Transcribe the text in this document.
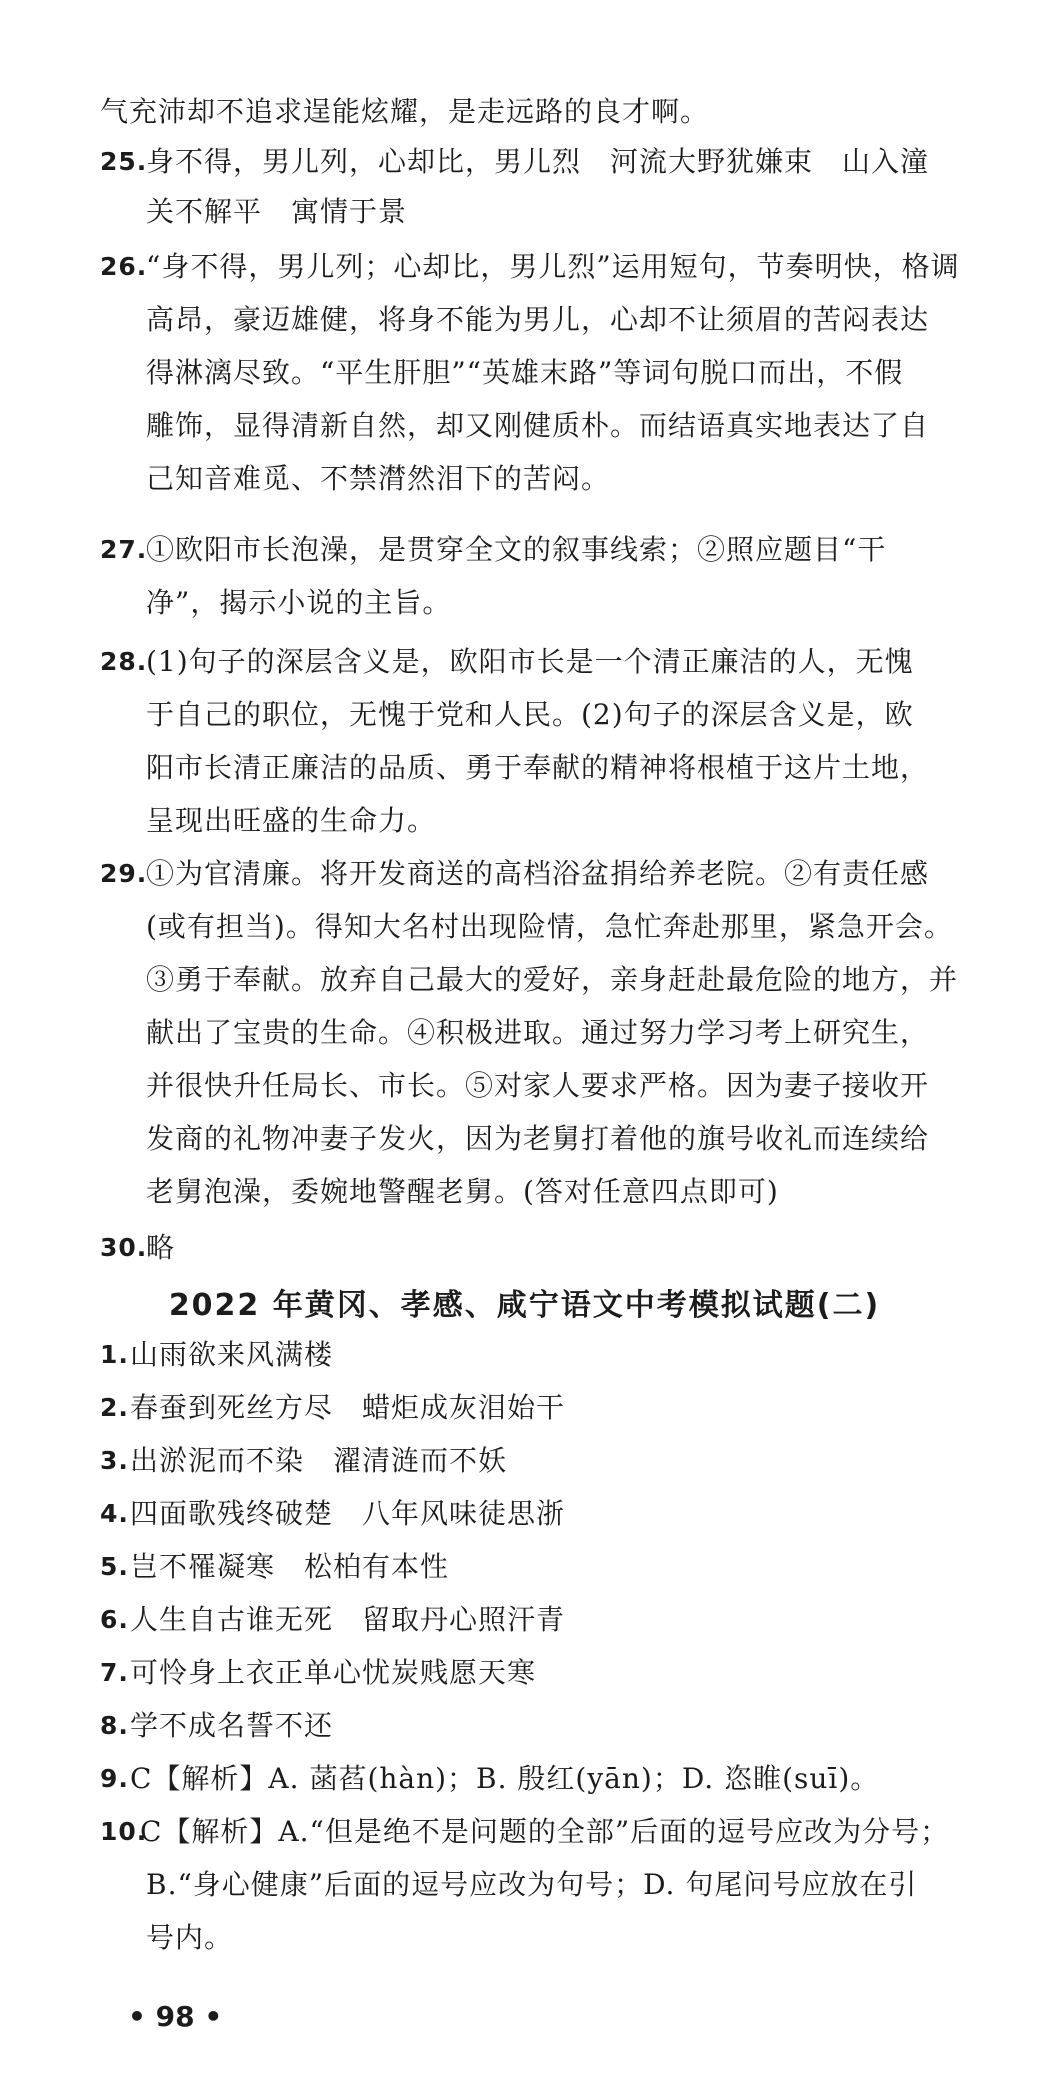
气充沛却不追求逞能炫耀，是走远路的良才啊。
25.
身不得，男儿列，心却比，男儿烈　河流大野犹嫌束　山入潼
关不解平　寓情于景
26.
“身不得，男儿列；心却比，男儿烈”运用短句，节奏明快，格调
高昂，豪迈雄健，将身不能为男儿，心却不让须眉的苦闷表达
得淋漓尽致。“平生肝胆”“英雄末路”等词句脱口而出，不假
雕饰，显得清新自然，却又刚健质朴。而结语真实地表达了自
己知音难觅、不禁潸然泪下的苦闷。
27.
①欧阳市长泡澡，是贯穿全文的叙事线索；②照应题目“干
净”，揭示小说的主旨。
28.
(1)句子的深层含义是，欧阳市长是一个清正廉洁的人，无愧
于自己的职位，无愧于党和人民。(2)句子的深层含义是，欧
阳市长清正廉洁的品质、勇于奉献的精神将根植于这片土地，
呈现出旺盛的生命力。
29.
①为官清廉。将开发商送的高档浴盆捐给养老院。②有责任感
(或有担当)。得知大名村出现险情，急忙奔赴那里，紧急开会。
③勇于奉献。放弃自己最大的爱好，亲身赶赴最危险的地方，并
献出了宝贵的生命。④积极进取。通过努力学习考上研究生，
并很快升任局长、市长。⑤对家人要求严格。因为妻子接收开
发商的礼物冲妻子发火，因为老舅打着他的旗号收礼而连续给
老舅泡澡，委婉地警醒老舅。(答对任意四点即可)
30.
略
2022 年黄冈、孝感、咸宁语文中考模拟试题(二)
1. 山雨欲来风满楼
2. 春蚕到死丝方尽　蜡炬成灰泪始干
3. 出淤泥而不染　濯清涟而不妖
4. 四面歌残终破楚　八年风味徒思浙
5. 岂不罹凝寒　松柏有本性
6. 人生自古谁无死　留取丹心照汗青
7. 可怜身上衣正单心忧炭贱愿天寒
8. 学不成名誓不还
9. C【解析】A. 菡萏(hàn)；B. 殷红(yān)；D. 恣睢(suī)。
10.
C【解析】A.“但是绝不是问题的全部”后面的逗号应改为分号；
B.“身心健康”后面的逗号应改为句号；D. 句尾问号应放在引
号内。
• 98 •
